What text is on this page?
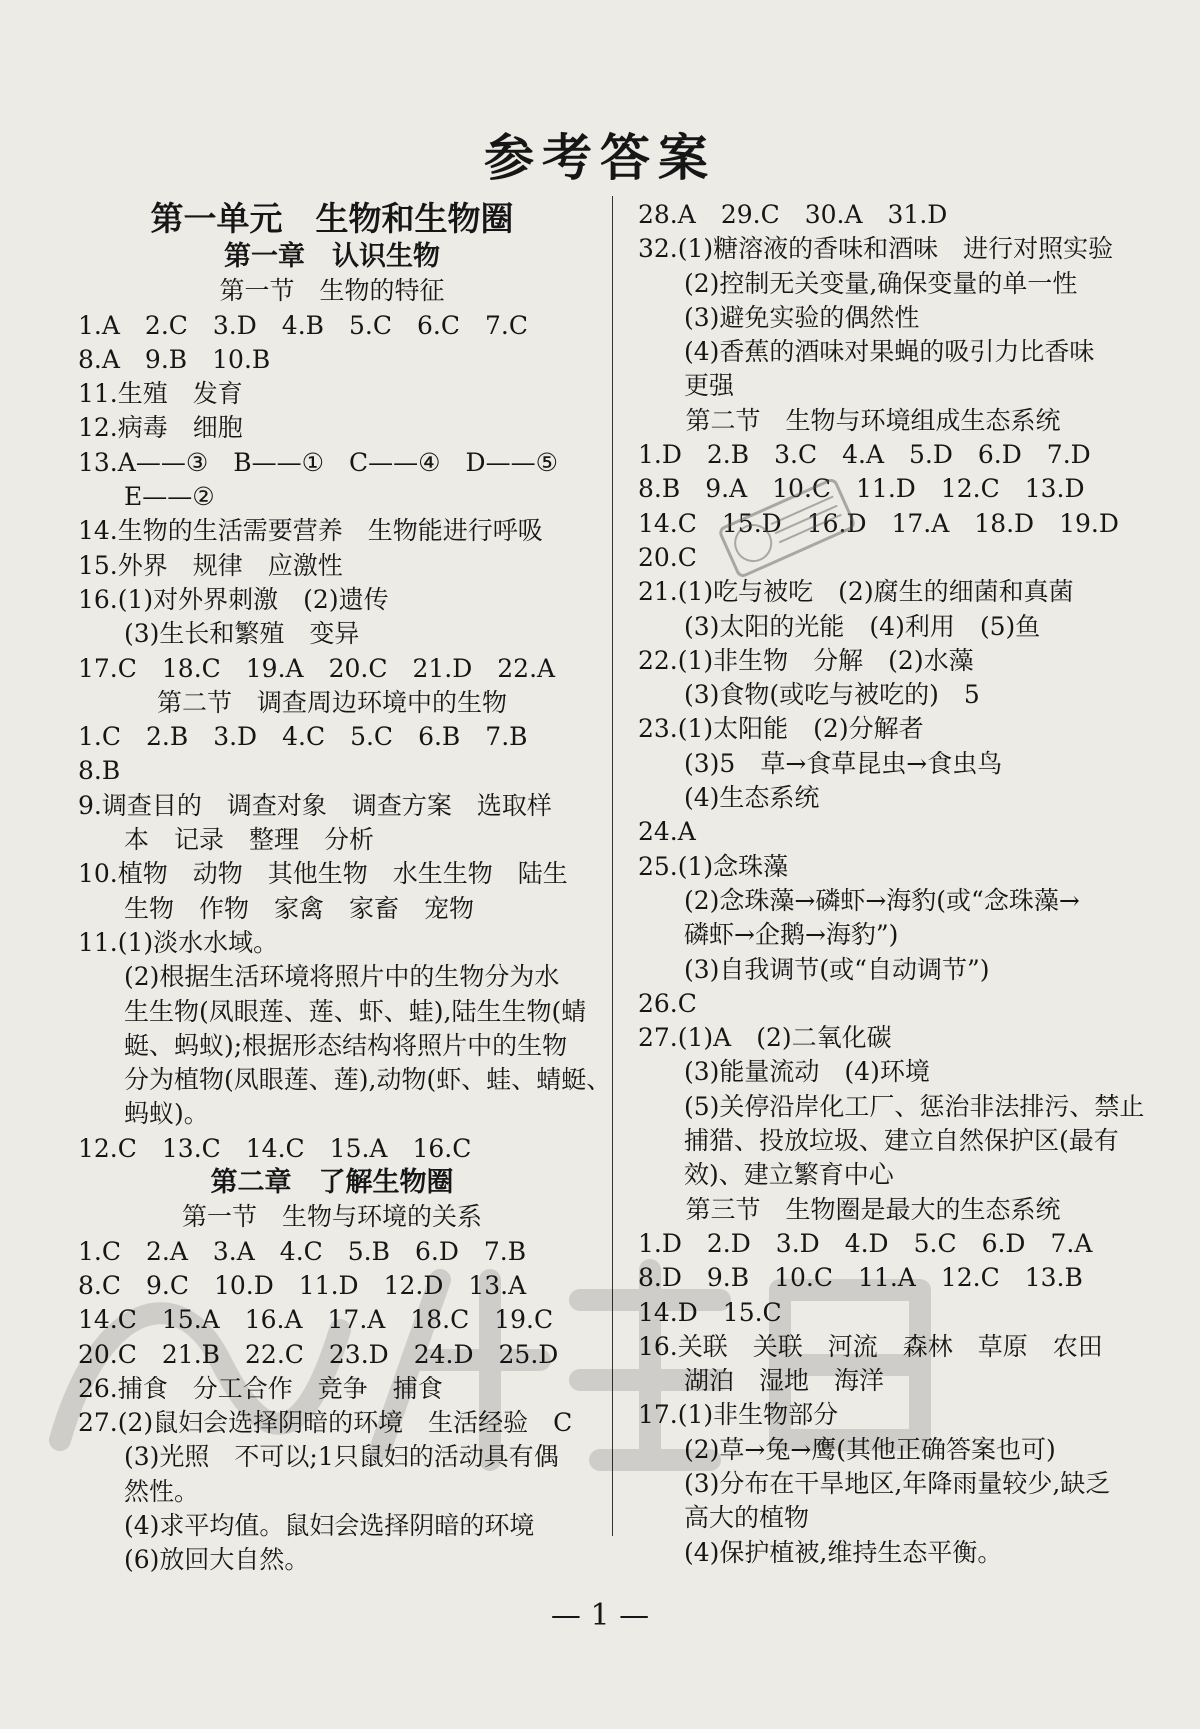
参考答案
第一单元　生物和生物圈
第一章　认识生物
第一节　生物的特征
1.A　2.C　3.D　4.B　5.C　6.C　7.C
8.A　9.B　10.B
11.生殖　发育
12.病毒　细胞
13.A——③　B——①　C——④　D——⑤
E——②
14.生物的生活需要营养　生物能进行呼吸
15.外界　规律　应激性
16.(1)对外界刺激　(2)遗传
(3)生长和繁殖　变异
17.C　18.C　19.A　20.C　21.D　22.A
第二节　调查周边环境中的生物
1.C　2.B　3.D　4.C　5.C　6.B　7.B
8.B
9.调查目的　调查对象　调查方案　选取样
本　记录　整理　分析
10.植物　动物　其他生物　水生生物　陆生
生物　作物　家禽　家畜　宠物
11.(1)淡水水域。
(2)根据生活环境将照片中的生物分为水
生生物(凤眼莲、莲、虾、蛙),陆生生物(蜻
蜓、蚂蚁);根据形态结构将照片中的生物
分为植物(凤眼莲、莲),动物(虾、蛙、蜻蜓、
蚂蚁)。
12.C　13.C　14.C　15.A　16.C
第二章　了解生物圈
第一节　生物与环境的关系
1.C　2.A　3.A　4.C　5.B　6.D　7.B
8.C　9.C　10.D　11.D　12.D　13.A
14.C　15.A　16.A　17.A　18.C　19.C
20.C　21.B　22.C　23.D　24.D　25.D
26.捕食　分工合作　竞争　捕食
27.(2)鼠妇会选择阴暗的环境　生活经验　C
(3)光照　不可以;1只鼠妇的活动具有偶
然性。
(4)求平均值。鼠妇会选择阴暗的环境
(6)放回大自然。
28.A　29.C　30.A　31.D
32.(1)糖溶液的香味和酒味　进行对照实验
(2)控制无关变量,确保变量的单一性
(3)避免实验的偶然性
(4)香蕉的酒味对果蝇的吸引力比香味
更强
第二节　生物与环境组成生态系统
1.D　2.B　3.C　4.A　5.D　6.D　7.D
8.B　9.A　10.C　11.D　12.C　13.D
14.C　15.D　16.D　17.A　18.D　19.D
20.C
21.(1)吃与被吃　(2)腐生的细菌和真菌
(3)太阳的光能　(4)利用　(5)鱼
22.(1)非生物　分解　(2)水藻
(3)食物(或吃与被吃的)　5
23.(1)太阳能　(2)分解者
(3)5　草→食草昆虫→食虫鸟
(4)生态系统
24.A
25.(1)念珠藻
(2)念珠藻→磷虾→海豹(或“念珠藻→
磷虾→企鹅→海豹”)
(3)自我调节(或“自动调节”)
26.C
27.(1)A　(2)二氧化碳
(3)能量流动　(4)环境
(5)关停沿岸化工厂、惩治非法排污、禁止
捕猎、投放垃圾、建立自然保护区(最有
效)、建立繁育中心
第三节　生物圈是最大的生态系统
1.D　2.D　3.D　4.D　5.C　6.D　7.A
8.D　9.B　10.C　11.A　12.C　13.B
14.D　15.C
16.关联　关联　河流　森林　草原　农田
湖泊　湿地　海洋
17.(1)非生物部分
(2)草→兔→鹰(其他正确答案也可)
(3)分布在干旱地区,年降雨量较少,缺乏
高大的植物
(4)保护植被,维持生态平衡。
— 1 —
